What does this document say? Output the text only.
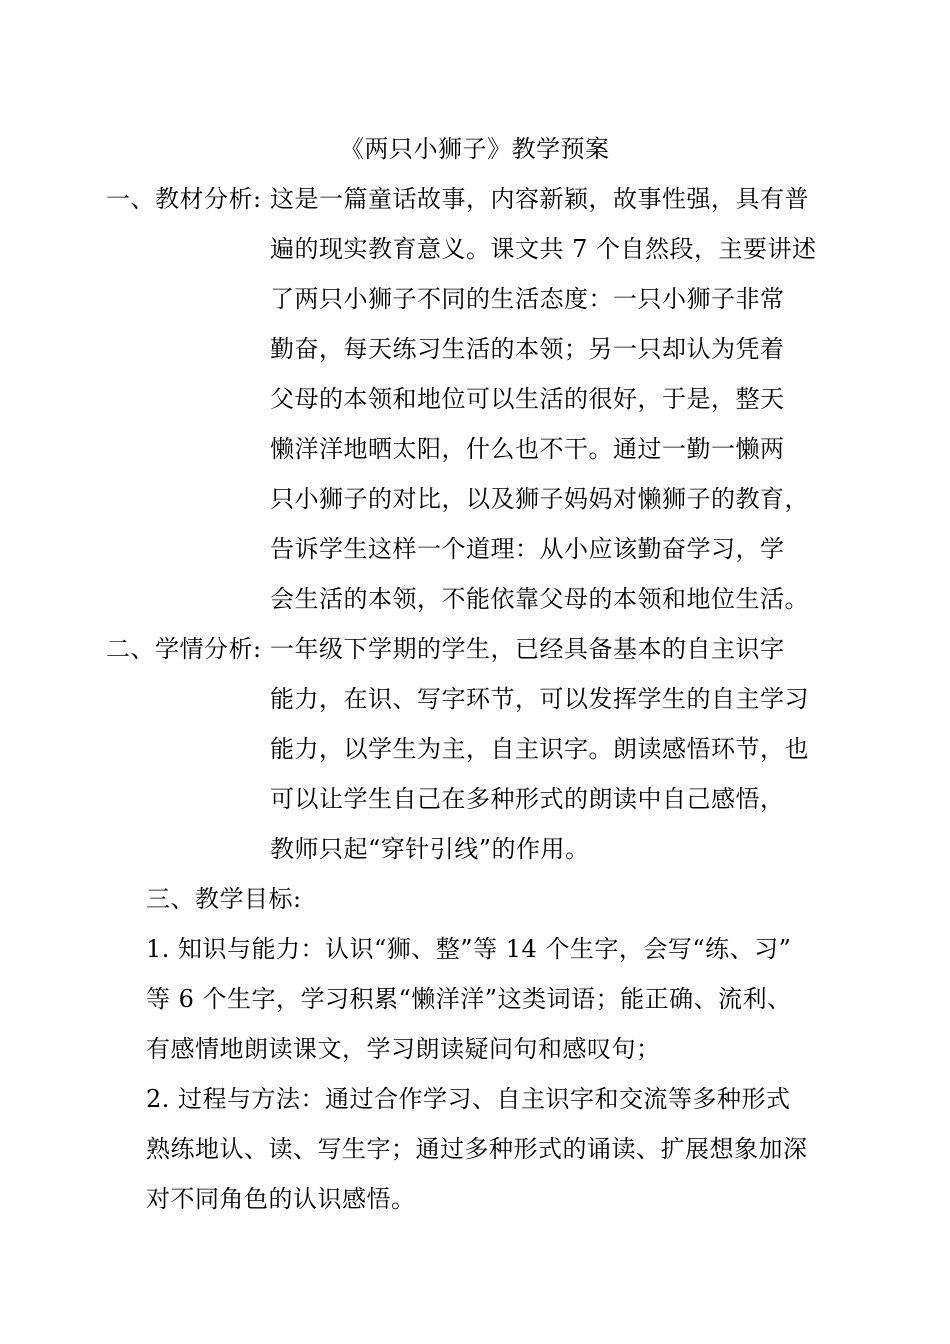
《两只小狮子》教学预案
一、教材分析: 这是一篇童话故事，内容新颖，故事性强，具有普
遍的现实教育意义。课文共 7 个自然段，主要讲述
了两只小狮子不同的生活态度：一只小狮子非常
勤奋，每天练习生活的本领；另一只却认为凭着
父母的本领和地位可以生活的很好，于是，整天
懒洋洋地晒太阳，什么也不干。通过一勤一懒两
只小狮子的对比，以及狮子妈妈对懒狮子的教育，
告诉学生这样一个道理：从小应该勤奋学习，学
会生活的本领，不能依靠父母的本领和地位生活。
二、学情分析: 一年级下学期的学生，已经具备基本的自主识字
能力，在识、写字环节，可以发挥学生的自主学习
能力，以学生为主，自主识字。朗读感悟环节，也
可以让学生自己在多种形式的朗读中自己感悟，
教师只起“穿针引线”的作用。
三、教学目标:
1. 知识与能力：认识“狮、整”等 14 个生字，会写“练、习”
等 6 个生字，学习积累“懒洋洋”这类词语；能正确、流利、
有感情地朗读课文，学习朗读疑问句和感叹句；
2. 过程与方法：通过合作学习、自主识字和交流等多种形式
熟练地认、读、写生字；通过多种形式的诵读、扩展想象加深
对不同角色的认识感悟。
